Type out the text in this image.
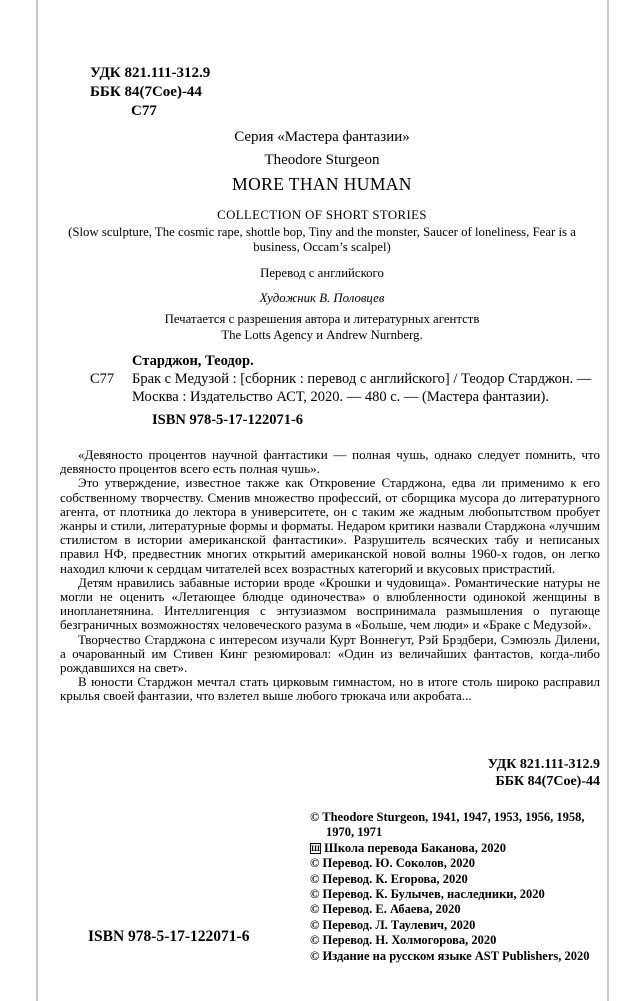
УДК 821.111-312.9
ББК 84(7Сое)-44
С77
Серия «Мастера фантазии»
Theodore Sturgeon
MORE THAN HUMAN
COLLECTION OF SHORT STORIES
(Slow sculpture, The cosmic rape, shottle bop, Tiny and the monster, Saucer of loneliness, Fear is a business, Occam’s scalpel)
Перевод с английского
Художник В. Половцев
Печатается с разрешения автора и литературных агентств
The Lotts Agency и Andrew Nurnberg.
Старджон, Теодор.
С77 Брак с Медузой : [сборник : перевод с английского] / Теодор Старджон. — Москва : Издательство АСТ, 2020. — 480 с. — (Мастера фантазии).
ISBN 978-5-17-122071-6

«Девяносто процентов научной фантастики — полная чушь, однако следует помнить, что девяносто процентов всего есть полная чушь».

Это утверждение, известное также как Откровение Старджона, едва ли применимо к его собственному творчеству. Сменив множество профессий, от сборщика мусора до литературного агента, от плотника до лектора в университете, он с таким же жадным любопытством пробует жанры и стили, литературные формы и форматы. Недаром критики назвали Старджона «лучшим стилистом в истории американской фантастики». Разрушитель всяческих табу и неписаных правил НФ, предвестник многих открытий американской новой волны 1960-х годов, он легко находил ключи к сердцам читателей всех возрастных категорий и вкусовых пристрастий.

Детям нравились забавные истории вроде «Крошки и чудовища». Романтические натуры не могли не оценить «Летающее блюдце одиночества» о влюбленности одинокой женщины в инопланетянина. Интеллигенция с энтузиазмом воспринимала размышления о пугающе безграничных возможностях человеческого разума в «Больше, чем люди» и «Браке с Медузой».

Творчество Старджона с интересом изучали Курт Воннегут, Рэй Брэдбери, Сэмюэль Дилени, а очарованный им Стивен Кинг резюмировал: «Один из величайших фантастов, когда-либо рождавшихся на свет».

В юности Старджон мечтал стать цирковым гимнастом, но в итоге столь широко расправил крылья своей фантазии, что взлетел выше любого трюкача или акробата...

УДК 821.111-312.9
ББК 84(7Сое)-44
© Theodore Sturgeon, 1941, 1947, 1953, 1956, 1958, 1970, 1971
Ш Школа перевода Баканова, 2020
© Перевод. Ю. Соколов, 2020
© Перевод. К. Егорова, 2020
© Перевод. К. Булычев, наследники, 2020
© Перевод. Е. Абаева, 2020
© Перевод. Л. Таулевич, 2020
© Перевод. Н. Холмогорова, 2020
© Издание на русском языке AST Publishers, 2020
ISBN 978-5-17-122071-6
